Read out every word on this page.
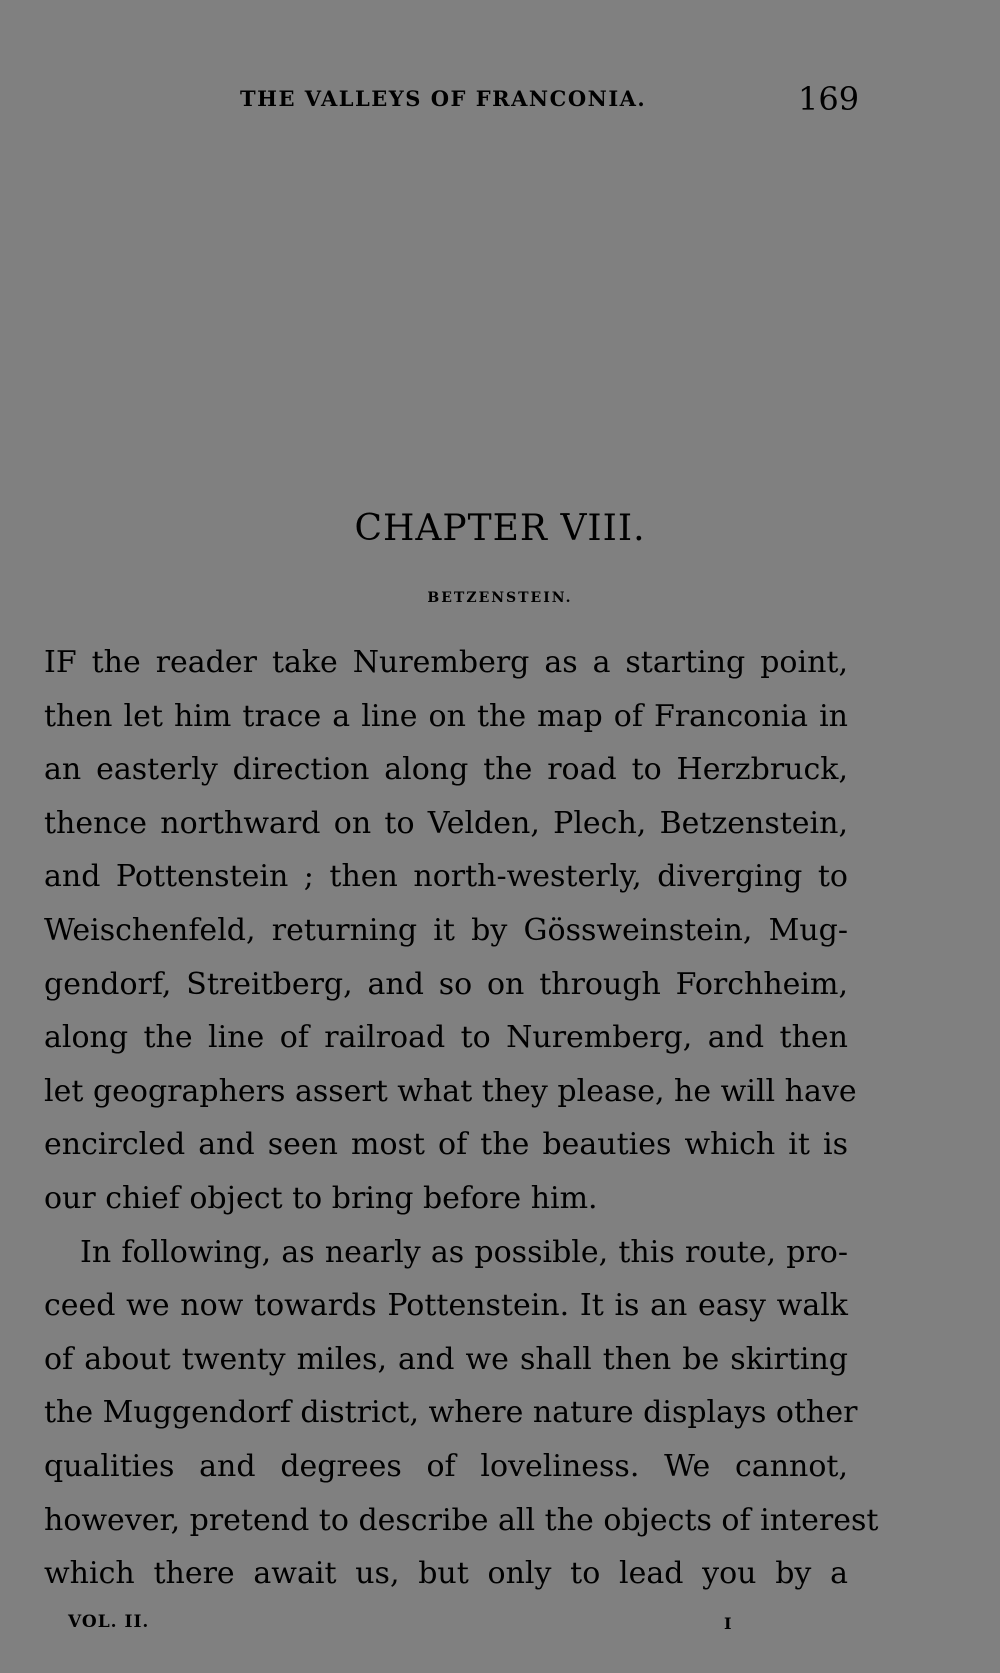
THE VALLEYS OF FRANCONIA.	169
CHAPTER VIII.
BETZENSTEIN.
IF the reader take Nuremberg as a starting point,
then let him trace a line on the map of Franconia in
an easterly direction along the road to Herzbruck,
thence northward on to Velden, Plech, Betzenstein,
and Pottenstein ; then north-westerly, diverging to
Weischenfeld, returning it by Gössweinstein, Mug-
gendorf, Streitberg, and so on through Forchheim,
along the line of railroad to Nuremberg, and then
let geographers assert what they please, he will have
encircled and seen most of the beauties which it is
our chief object to bring before him.
In following, as nearly as possible, this route, pro-
ceed we now towards Pottenstein. It is an easy walk
of about twenty miles, and we shall then be skirting
the Muggendorf district, where nature displays other
qualities and degrees of loveliness. We cannot,
however, pretend to describe all the objects of interest
which there await us, but only to lead you by a
VOL. II.	I
